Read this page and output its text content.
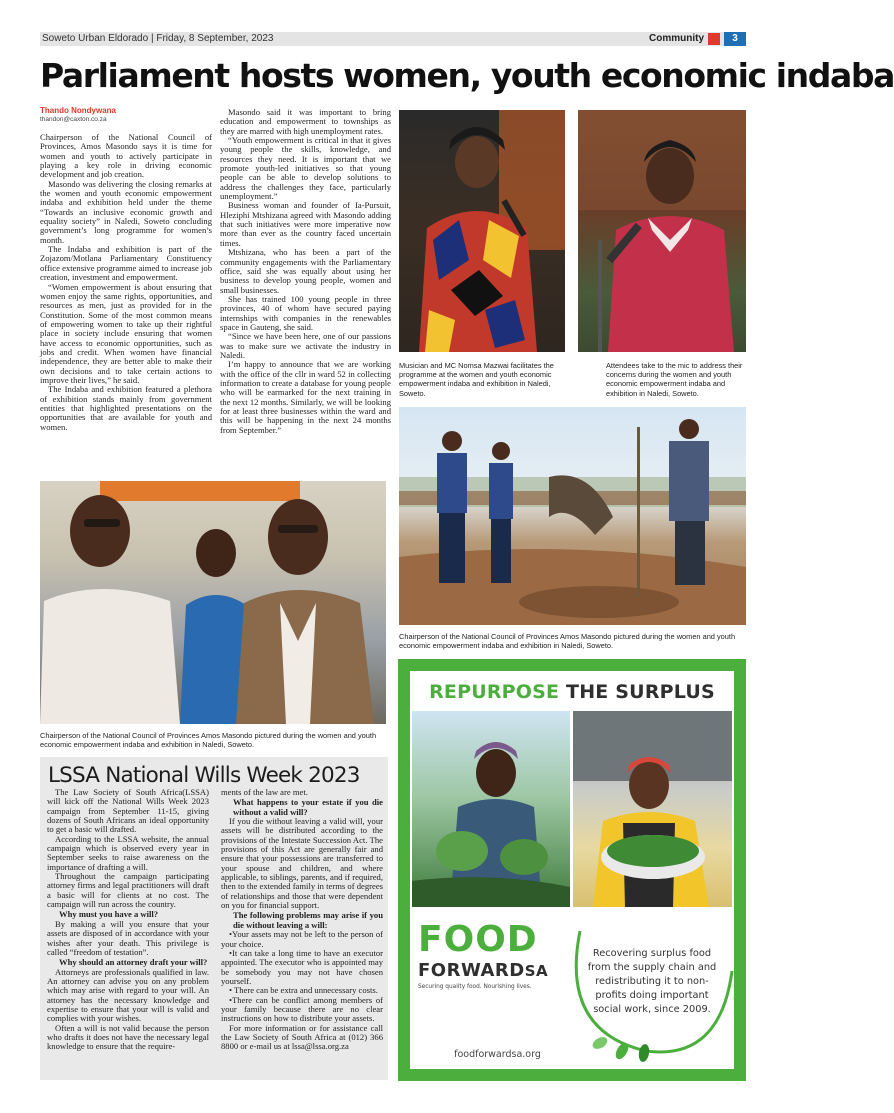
Soweto Urban Eldorado | Friday, 8 September, 2023	Community	3
Parliament hosts women, youth economic indaba
Thando Nondywana
thandon@caxton.co.za

Chairperson of the National Council of Provinces, Amos Masondo says it is time for women and youth to actively participate in playing a key role in driving economic development and job creation.

Masondo was delivering the closing remarks at the women and youth economic empowerment indaba and exhibition held under the theme “Towards an inclusive economic growth and equality society” in Naledi, Soweto concluding government’s long programme for women’s month.

The Indaba and exhibition is part of the Zojazom/Motlana Parliamentary Constituency office extensive programme aimed to increase job creation, investment and empowerment.

“Women empowerment is about ensuring that women enjoy the same rights, opportunities, and resources as men, just as provided for in the Constitution. Some of the most common means of empowering women to take up their rightful place in society include ensuring that women have access to economic opportunities, such as jobs and credit. When women have financial independence, they are better able to make their own decisions and to take certain actions to improve their lives,” he said.

The Indaba and exhibition featured a plethora of exhibition stands mainly from government entities that highlighted presentations on the opportunities that are available for youth and women.

Masondo said it was important to bring education and empowerment to townships as they are marred with high unemployment rates.

“Youth empowerment is critical in that it gives young people the skills, knowledge, and resources they need. It is important that we promote youth-led initiatives so that young people can be able to develop solutions to address the challenges they face, particularly unemployment.”

Business woman and founder of Ia-Pursuit, Hleziphi Mtshizana agreed with Masondo adding that such initiatives were more imperative now more than ever as the country faced uncertain times.

Mtshizana, who has been a part of the community engagements with the Parliamentary office, said she was equally about using her business to develop young people, women and small businesses.

She has trained 100 young people in three provinces, 40 of whom have secured paying internships with companies in the renewables space in Gauteng, she said.

“Since we have been here, one of our passions was to make sure we activate the industry in Naledi.

I’m happy to announce that we are working with the office of the cllr in ward 52 in collecting information to create a database for young people who will be earmarked for the next training in the next 12 months. Similarly, we will be looking for at least three businesses within the ward and this will be happening in the next 24 months from September.”

Musician and MC Nomsa Mazwai facilitates the programme at the women and youth economic empowerment indaba and exhibition in Naledi, Soweto.
Attendees take to the mic to address their concerns during the women and youth economic empowerment indaba and exhibition in Naledi, Soweto.
Chairperson of the National Council of Provinces Amos Masondo pictured during the women and youth economic empowerment indaba and exhibition in Naledi, Soweto.
Chairperson of the National Council of Provinces Amos Masondo pictured during the women and youth economic empowerment indaba and exhibition in Naledi, Soweto.
LSSA National Wills Week 2023

The Law Society of South Africa(LSSA) will kick off the National Wills Week 2023 campaign from September 11-15, giving dozens of South Africans an ideal opportunity to get a basic will drafted.

According to the LSSA website, the annual campaign which is observed every year in September seeks to raise awareness on the importance of drafting a will.

Throughout the campaign participating attorney firms and legal practitioners will draft a basic will for clients at no cost. The campaign will run across the country.

Why must you have a will?

By making a will you ensure that your assets are disposed of in accordance with your wishes after your death. This privilege is called “freedom of testation”.

Why should an attorney draft your will?

Attorneys are professionals qualified in law. An attorney can advise you on any problem which may arise with regard to your will. An attorney has the necessary knowledge and expertise to ensure that your will is valid and complies with your wishes.

Often a will is not valid because the person who drafts it does not have the necessary legal knowledge to ensure that the require-

ments of the law are met.

What happens to your estate if you die without a valid will?

If you die without leaving a valid will, your assets will be distributed according to the provisions of the Intestate Succession Act. The provisions of this Act are generally fair and ensure that your possessions are transferred to your spouse and children, and where applicable, to siblings, parents, and if required, then to the extended family in terms of degrees of relationships and those that were dependent on you for financial support.

The following problems may arise if you die without leaving a will:

•Your assets may not be left to the person of your choice.

•It can take a long time to have an executor appointed. The executor who is appointed may be somebody you may not have chosen yourself.

• There can be extra and unnecessary costs.

•There can be conflict among members of your family because there are no clear instructions on how to distribute your assets.

For more information or for assistance call the Law Society of South Africa at (012) 366 8800 or e-mail us at lssa@lssa.org.za

REPURPOSE THE SURPLUS
FOOD
FORWARDSA
Securing quality food. Nourishing lives.
Recovering surplus food from the supply chain and redistributing it to non-profits doing important social work, since 2009.
foodforwardsa.org
